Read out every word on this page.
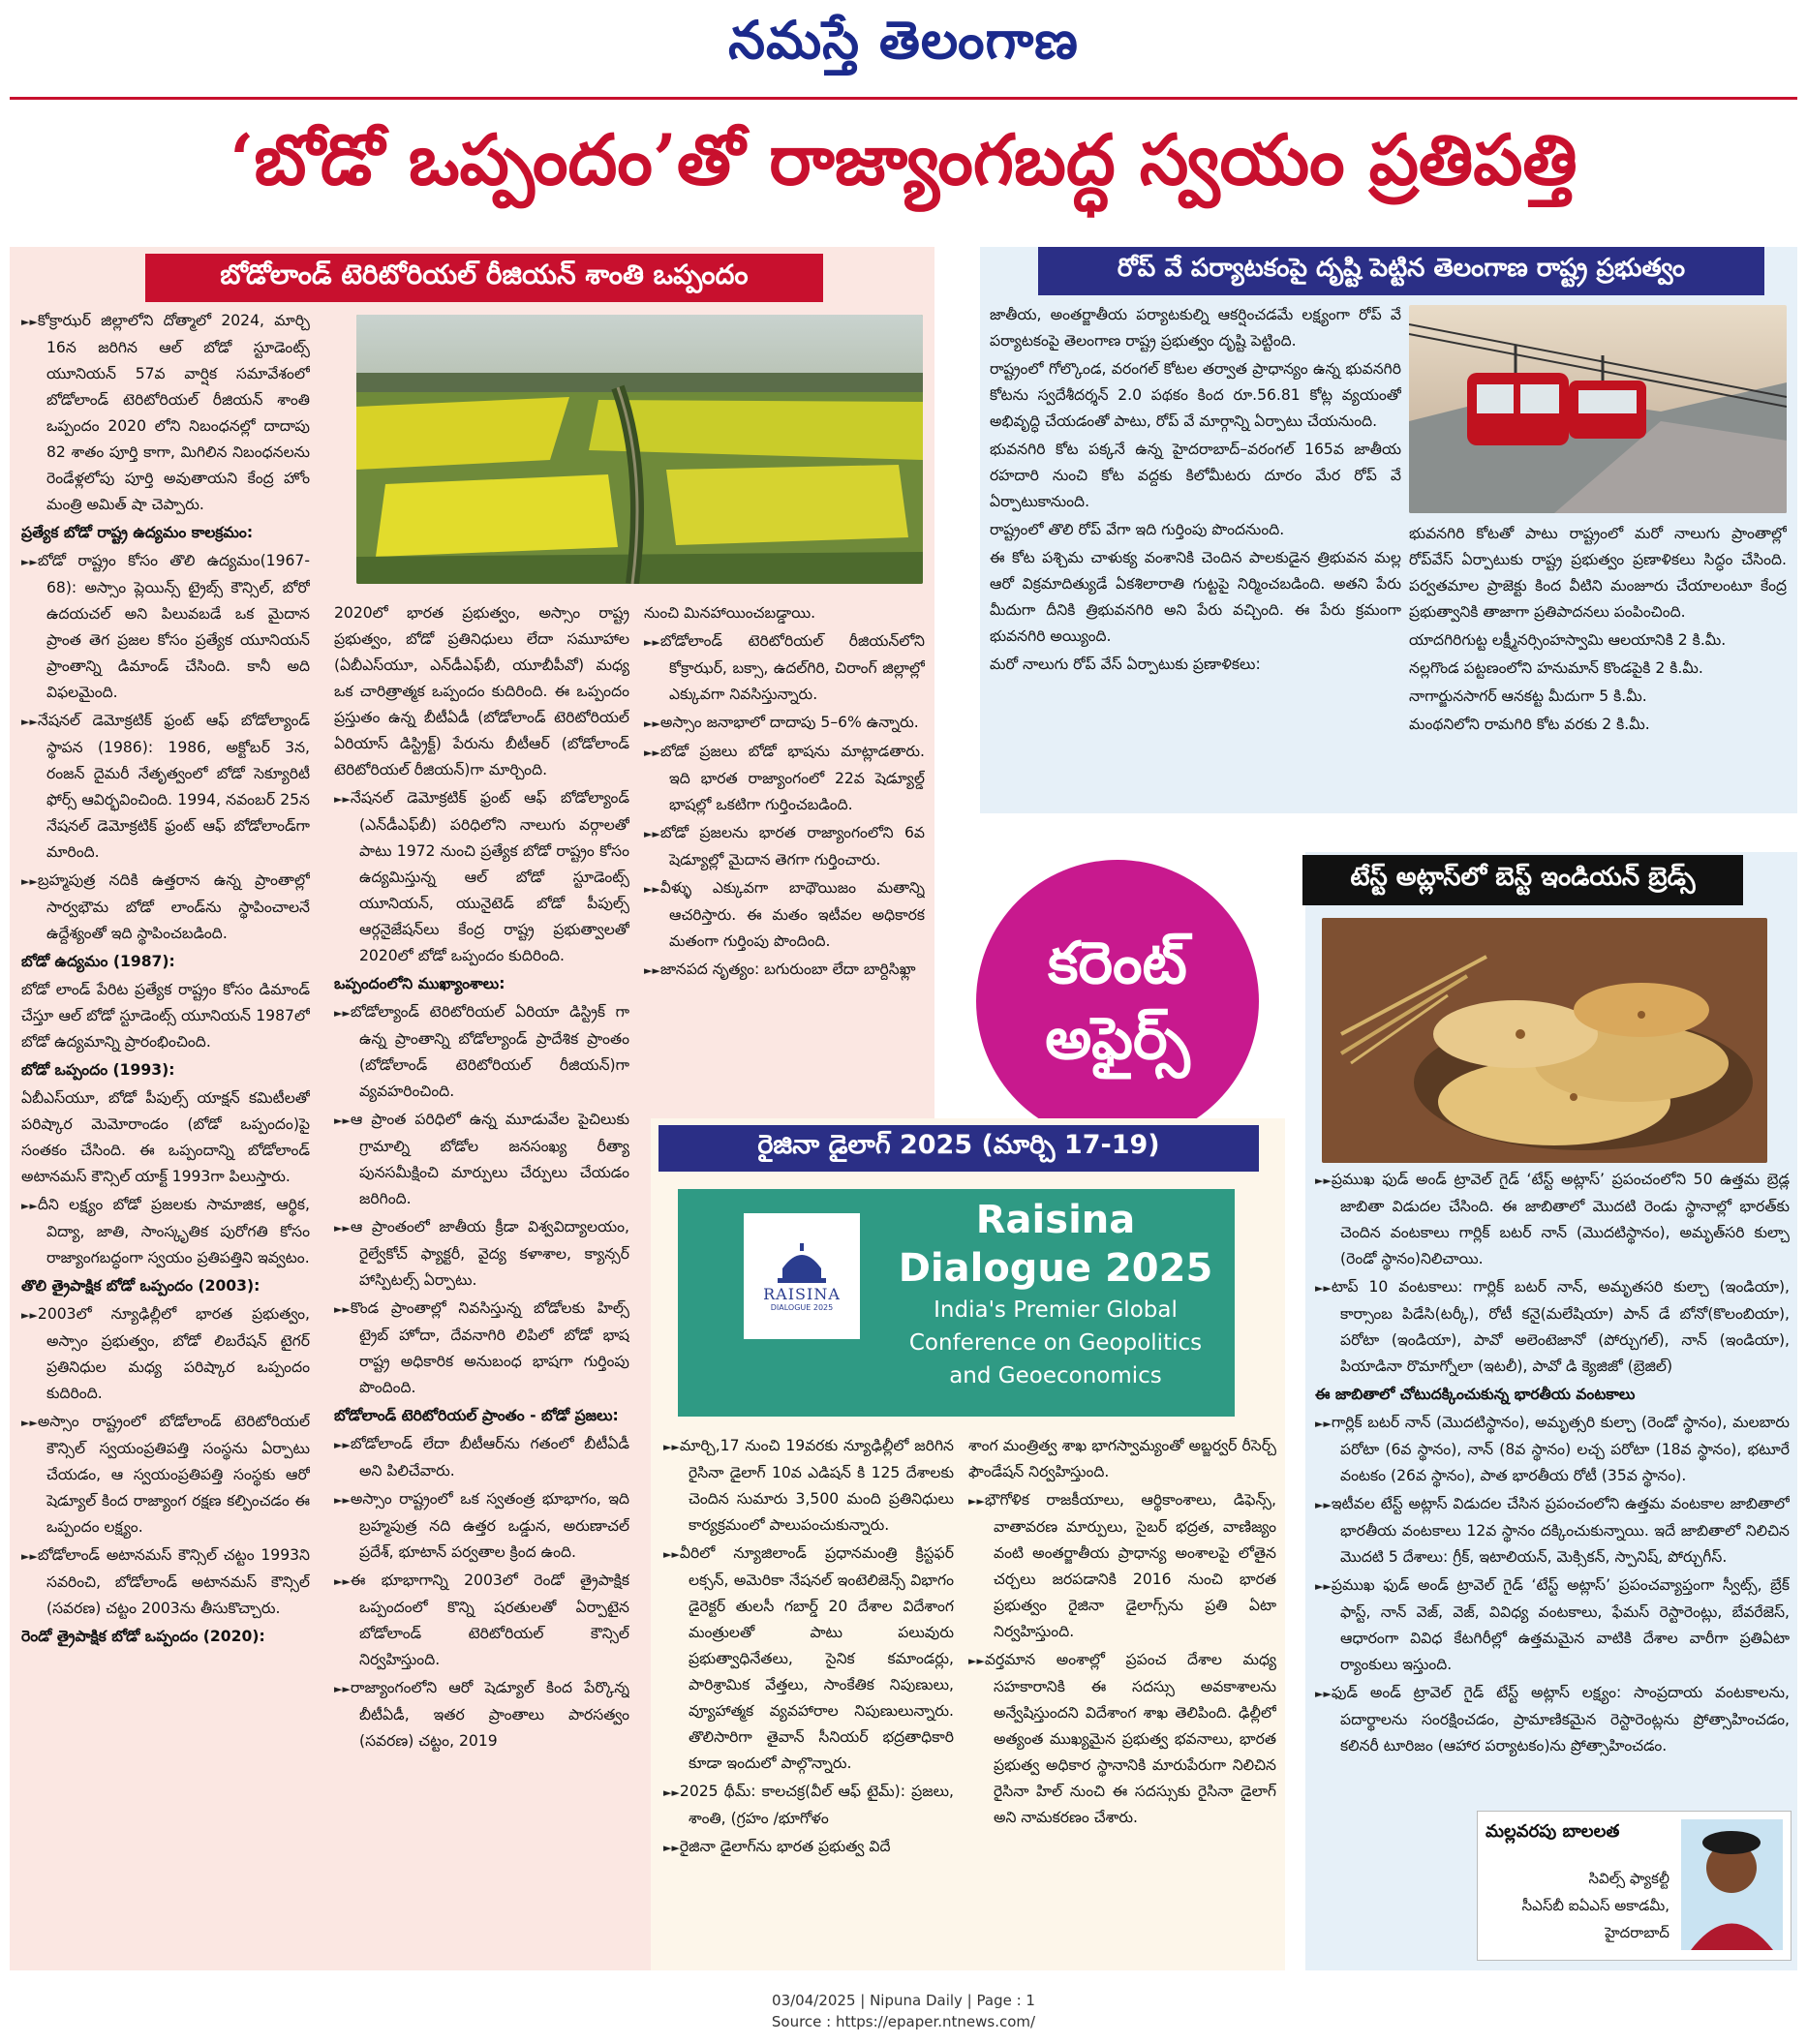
నమస్తే తెలంగాణ
‘బోడో ఒప్పందం’తో రాజ్యాంగబద్ధ స్వయం ప్రతిపత్తి
బోడోలాండ్ టెరిటోరియల్ రీజియన్ శాంతి ఒప్పందం

►► కోక్రాఝర్ జిల్లాలోని దోత్మాలో 2024, మార్చి 16న జరిగిన ఆల్ బోడో స్టూడెంట్స్ యూనియన్ 57వ వార్షిక సమావేశంలో బోడోలాండ్ టెరిటోరియల్ రీజియన్ శాంతి ఒప్పందం 2020 లోని నిబంధనల్లో దాదాపు 82 శాతం పూర్తి కాగా, మిగిలిన నిబంధనలను రెండేళ్లలోపు పూర్తి అవుతాయని కేంద్ర హోం మంత్రి అమిత్ షా చెప్పారు.

ప్రత్యేక బోడో రాష్ట్ర ఉద్యమం కాలక్రమం:

►► బోడో రాష్ట్రం కోసం తొలి ఉద్యమం(1967-68): అస్సాం ప్లెయిన్స్ ట్రైబ్స్ కౌన్సిల్, బోరో ఉదయచల్ అని పిలువబడే ఒక మైదాన ప్రాంత తెగ ప్రజల కోసం ప్రత్యేక యూనియన్ ప్రాంతాన్ని డిమాండ్ చేసింది. కానీ అది విఫలమైంది.

►► నేషనల్ డెమోక్రటిక్ ఫ్రంట్ ఆఫ్ బోడోల్యాండ్ స్థాపన (1986): 1986, అక్టోబర్ 3న, రంజన్ దైమరీ నేతృత్వంలో బోడో సెక్యూరిటీ ఫోర్స్ ఆవిర్భవించింది. 1994, నవంబర్ 25న నేషనల్ డెమోక్రటిక్ ఫ్రంట్ ఆఫ్ బోడోలాండ్‌గా మారింది.

►► బ్రహ్మపుత్ర నదికి ఉత్తరాన ఉన్న ప్రాంతాల్లో సార్వభౌమ బోడో లాండ్‌ను స్థాపించాలనే ఉద్దేశ్యంతో ఇది స్థాపించబడింది.

బోడో ఉద్యమం (1987):

బోడో లాండ్ పేరిట ప్రత్యేక రాష్ట్రం కోసం డిమాండ్ చేస్తూ ఆల్ బోడో స్టూడెంట్స్ యూనియన్ 1987లో బోడో ఉద్యమాన్ని ప్రారంభించింది.

బోడో ఒప్పందం (1993):

ఏబీఎస్‌యూ, బోడో పీపుల్స్ యాక్షన్ కమిటీలతో పరిష్కార మెమోరాండం (బోడో ఒప్పందం)పై సంతకం చేసింది. ఈ ఒప్పందాన్ని బోడోలాండ్ అటానమస్ కౌన్సిల్ యాక్ట్ 1993గా పిలుస్తారు.

►► దీని లక్ష్యం బోడో ప్రజలకు సామాజిక, ఆర్థిక, విద్యా, జాతి, సాంస్కృతిక పురోగతి కోసం రాజ్యాంగబద్ధంగా స్వయం ప్రతిపత్తిని ఇవ్వటం.

తొలి త్రైపాక్షిక బోడో ఒప్పందం (2003):

►► 2003లో న్యూఢిల్లీలో భారత ప్రభుత్వం, అస్సాం ప్రభుత్వం, బోడో లిబరేషన్ టైగర్ ప్రతినిధుల మధ్య పరిష్కార ఒప్పందం కుదిరింది.

►► అస్సాం రాష్ట్రంలో బోడోలాండ్ టెరిటోరియల్ కౌన్సిల్ స్వయంప్రతిపత్తి సంస్థను ఏర్పాటు చేయడం, ఆ స్వయంప్రతిపత్తి సంస్థకు ఆరో షెడ్యూల్ కింద రాజ్యాంగ రక్షణ కల్పించడం ఈ ఒప్పందం లక్ష్యం.

►► బోడోలాండ్ అటానమస్ కౌన్సిల్ చట్టం 1993ని సవరించి, బోడోలాండ్ అటానమస్ కౌన్సిల్ (సవరణ) చట్టం 2003ను తీసుకొచ్చారు.

రెండో త్రైపాక్షిక బోడో ఒప్పందం (2020):

2020లో భారత ప్రభుత్వం, అస్సాం రాష్ట్ర ప్రభుత్వం, బోడో ప్రతినిధులు లేదా సమూహాల (ఏబీఎస్‌యూ, ఎన్‌డీఎఫ్‌బీ, యూబీపీవో) మధ్య ఒక చారిత్రాత్మక ఒప్పందం కుదిరింది. ఈ ఒప్పందం ప్రస్తుతం ఉన్న బీటీఏడీ (బోడోలాండ్ టెరిటోరియల్ ఏరియాస్ డిస్ట్రిక్ట్) పేరును బీటీఆర్ (బోడోలాండ్ టెరిటోరియల్ రీజియన్)గా మార్చింది.

►► నేషనల్ డెమోక్రటిక్ ఫ్రంట్ ఆఫ్ బోడోల్యాండ్ (ఎన్‌డీఎఫ్‌బీ) పరిధిలోని నాలుగు వర్గాలతో పాటు 1972 నుంచి ప్రత్యేక బోడో రాష్ట్రం కోసం ఉద్యమిస్తున్న ఆల్ బోడో స్టూడెంట్స్ యూనియన్, యునైటెడ్ బోడో పీపుల్స్ ఆర్గనైజేషన్‌లు కేంద్ర రాష్ట్ర ప్రభుత్వాలతో 2020లో బోడో ఒప్పందం కుదిరింది.

ఒప్పందంలోని ముఖ్యాంశాలు:

►► బోడోల్యాండ్ టెరిటోరియల్ ఏరియా డిస్ట్రిక్ గా ఉన్న ప్రాంతాన్ని బోడోల్యాండ్ ప్రాదేశిక ప్రాంతం (బోడోలాండ్ టెరిటోరియల్ రీజియన్)గా వ్యవహరించింది.

►► ఆ ప్రాంత పరిధిలో ఉన్న మూడువేల పైచిలుకు గ్రామాల్ని బోడోల జనసంఖ్య రీత్యా పునసమీక్షించి మార్పులు చేర్పులు చేయడం జరిగింది.

►► ఆ ప్రాంతంలో జాతీయ క్రీడా విశ్వవిద్యాలయం, రైల్వేకోచ్ ఫ్యాక్టరీ, వైద్య కళాశాల, క్యాన్సర్ హాస్పిటల్స్ ఏర్పాటు.

►► కొండ ప్రాంతాల్లో నివసిస్తున్న బోడోలకు హిల్స్ ట్రైబ్ హోదా, దేవనాగిరి లిపిలో బోడో భాష రాష్ట్ర అధికారిక అనుబంధ భాషగా గుర్తింపు పొందింది.

బోడోలాండ్ టెరిటోరియల్ ప్రాంతం - బోడో ప్రజలు:

►► బోడోలాండ్ లేదా బీటీఆర్‌ను గతంలో బీటీఏడీ అని పిలిచేవారు.

►► అస్సాం రాష్ట్రంలో ఒక స్వతంత్ర భూభాగం, ఇది బ్రహ్మపుత్ర నది ఉత్తర ఒడ్డున, అరుణాచల్ ప్రదేశ్, భూటాన్ పర్వతాల క్రింద ఉంది.

►► ఈ భూభాగాన్ని 2003లో రెండో త్రైపాక్షిక ఒప్పందంలో కొన్ని షరతులతో ఏర్పాటైన బోడోలాండ్ టెరిటోరియల్ కౌన్సిల్ నిర్వహిస్తుంది.

►► రాజ్యాంగంలోని ఆరో షెడ్యూల్ కింద పేర్కొన్న బీటీఏడీ, ఇతర ప్రాంతాలు పారసత్వం (సవరణ) చట్టం, 2019

నుంచి మినహాయించబడ్డాయి.

►► బోడోలాండ్ టెరిటోరియల్ రీజియన్‌లోని కోక్రాఝర్, బక్సా, ఉదల్‌గిరి, చిరాంగ్ జిల్లాల్లో ఎక్కువగా నివసిస్తున్నారు.

►► అస్సాం జనాభాలో దాదాపు 5–6% ఉన్నారు.

►► బోడో ప్రజలు బోడో భాషను మాట్లాడతారు. ఇది భారత రాజ్యాంగంలో 22వ షెడ్యూల్డ్ భాషల్లో ఒకటిగా గుర్తించబడింది.

►► బోడో ప్రజలను భారత రాజ్యాంగంలోని 6వ షెడ్యూల్లో మైదాన తెగగా గుర్తించారు.

►► వీళ్ళు ఎక్కువగా బాథౌయిజం మతాన్ని ఆచరిస్తారు. ఈ మతం ఇటీవల అధికారక మతంగా గుర్తింపు పొందింది.

►► జానపద నృత్యం: బగురుంబా లేదా బార్దిసిఖ్లా

రోప్ వే పర్యాటకంపై దృష్టి పెట్టిన తెలంగాణ రాష్ట్ర ప్రభుత్వం

జాతీయ, అంతర్జాతీయ పర్యాటకుల్ని ఆకర్షించడమే లక్ష్యంగా రోప్ వే పర్యాటకంపై తెలంగాణ రాష్ట్ర ప్రభుత్వం దృష్టి పెట్టింది.

రాష్ట్రంలో గోల్కొండ, వరంగల్ కోటల తర్వాత ప్రాధాన్యం ఉన్న భువనగిరి కోటను స్వదేశీదర్శన్ 2.0 పథకం కింద రూ.56.81 కోట్ల వ్యయంతో అభివృద్ధి చేయడంతో పాటు, రోప్ వే మార్గాన్ని ఏర్పాటు చేయనుంది.

భువనగిరి కోట పక్కనే ఉన్న హైదరాబాద్–వరంగల్ 165వ జాతీయ రహదారి నుంచి కోట వద్దకు కిలోమీటరు దూరం మేర రోప్ వే ఏర్పాటుకానుంది.

రాష్ట్రంలో తొలి రోప్ వేగా ఇది గుర్తింపు పొందనుంది.

ఈ కోట పశ్చిమ చాళుక్య వంశానికి చెందిన పాలకుడైన త్రిభువన మల్ల ఆరో విక్రమాదిత్యుడే ఏకశిలారాతి గుట్టపై నిర్మించబడింది. అతని పేరు మీదుగా దీనికి త్రిభువనగిరి అని పేరు వచ్చింది. ఈ పేరు క్రమంగా భువనగిరి అయ్యింది.

మరో నాలుగు రోప్ వేస్ ఏర్పాటుకు ప్రణాళికలు:

భువనగిరి కోటతో పాటు రాష్ట్రంలో మరో నాలుగు ప్రాంతాల్లో రోప్‌వేస్ ఏర్పాటుకు రాష్ట్ర ప్రభుత్వం ప్రణాళికలు సిద్ధం చేసింది. పర్వతమాల ప్రాజెక్టు కింద వీటిని మంజూరు చేయాలంటూ కేంద్ర ప్రభుత్వానికి తాజాగా ప్రతిపాదనలు పంపించింది.

యాదగిరిగుట్ట లక్ష్మీనర్సింహస్వామి ఆలయానికి 2 కి.మీ.

నల్లగొండ పట్టణంలోని హనుమాన్ కొండపైకి 2 కి.మీ.

నాగార్జునసాగర్ ఆనకట్ట మీదుగా 5 కి.మీ.

మంథనిలోని రామగిరి కోట వరకు 2 కి.మీ.

కరెంట్
అఫైర్స్
రైజినా డైలాగ్ 2025 (మార్చి 17-19)
RAISINA
DIALOGUE 2025
Raisina
Dialogue 2025
India's Premier Global
Conference on Geopolitics
and Geoeconomics

►► మార్చి,17 నుంచి 19వరకు న్యూఢిల్లీలో జరిగిన రైసినా డైలాగ్ 10వ ఎడిషన్ కి 125 దేశాలకు చెందిన సుమారు 3,500 మంది ప్రతినిధులు కార్యక్రమంలో పాలుపంచుకున్నారు.

►► వీరిలో న్యూజిలాండ్ ప్రధానమంత్రి క్రిస్టఫర్ లక్సన్, అమెరికా నేషనల్ ఇంటెలిజెన్స్ విభాగం డైరెక్టర్ తులసీ గబార్డ్ 20 దేశాల విదేశాంగ మంత్రులతో పాటు పలువురు ప్రభుత్వాధినేతలు, సైనిక కమాండర్లు, పారిశ్రామిక వేత్తలు, సాంకేతిక నిపుణులు, వ్యూహాత్మక వ్యవహారాల నిపుణులున్నారు. తొలిసారిగా తైవాన్ సీనియర్ భద్రతాధికారి కూడా ఇందులో పాల్గొన్నారు.

►► 2025 థీమ్: కాలచక్ర(వీల్ ఆఫ్ టైమ్): ప్రజలు, శాంతి, (గ్రహం /భూగోళం

►► రైజినా డైలాగ్‌ను భారత ప్రభుత్వ విదే

శాంగ మంత్రిత్వ శాఖ భాగస్వామ్యంతో అబ్జర్వర్ రీసెర్చ్ ఫౌండేషన్ నిర్వహిస్తుంది.

►► భౌగోళిక రాజకీయాలు, ఆర్థికాంశాలు, డిఫెన్స్, వాతావరణ మార్పులు, సైబర్ భద్రత, వాణిజ్యం వంటి అంతర్జాతీయ ప్రాధాన్య అంశాలపై లోతైన చర్చలు జరపడానికి 2016 నుంచి భారత ప్రభుత్వం రైజినా డైలాగ్స్‌ను ప్రతి ఏటా నిర్వహిస్తుంది.

►► వర్తమాన అంశాల్లో ప్రపంచ దేశాల మధ్య సహకారానికి ఈ సదస్సు అవకాశాలను అన్వేషిస్తుందని విదేశాంగ శాఖ తెలిపింది. ఢిల్లీలో అత్యంత ముఖ్యమైన ప్రభుత్వ భవనాలు, భారత ప్రభుత్వ అధికార స్థానానికి మారుపేరుగా నిలిచిన రైసినా హిల్ నుంచి ఈ సదస్సుకు రైసినా డైలాగ్ అని నామకరణం చేశారు.

టేస్ట్ అట్లాస్‌లో బెస్ట్ ఇండియన్ బ్రెడ్స్

►► ప్రముఖ ఫుడ్ అండ్ ట్రావెల్ గైడ్ ‘టేస్ట్ అట్లాస్’ ప్రపంచంలోని 50 ఉత్తమ బ్రెడ్ల జాబితా విడుదల చేసింది. ఈ జాబితాలో మొదటి రెండు స్థానాల్లో భారత్‌కు చెందిన వంటకాలు గార్లిక్ బటర్ నాన్ (మొదటిస్థానం), అమృత్‌సరి కుల్చా (రెండో స్థానం)నిలిచాయి.

►► టాప్ 10 వంటకాలు: గార్లిక్ బటర్ నాన్, అమృతసరి కుల్చా (ఇండియా), కార్సాంబ పిడేసి(టర్కీ), రోటీ కనై(మలేషియా) పాన్ డే బోనో(కొలంబియా), పరోటా (ఇండియా), పావో అలెంటెజానో (పోర్చుగల్), నాన్ (ఇండియా), పియాడినా రొమాగ్నోలా (ఇటలీ), పావో డి క్యెజిజో (బ్రెజిల్)

ఈ జాబితాలో చోటుదక్కించుకున్న భారతీయ వంటకాలు

►► గార్లిక్ బటర్ నాన్ (మొదటిస్థానం), అమృత్సరి కుల్చా (రెండో స్థానం), మలబారు పరోటా (6వ స్థానం), నాన్ (8వ స్థానం) లచ్చ పరోటా (18వ స్థానం), భటూరే వంటకం (26వ స్థానం), పాత భారతీయ రోటీ (35వ స్థానం).

►► ఇటీవల టేస్ట్ అట్లాస్ విడుదల చేసిన ప్రపంచంలోని ఉత్తమ వంటకాల జాబితాలో భారతీయ వంటకాలు 12వ స్థానం దక్కించుకున్నాయి. ఇదే జాబితాలో నిలిచిన మొదటి 5 దేశాలు: గ్రీక్, ఇటాలియన్, మెక్సికన్, స్పానిష్, పోర్చుగీస్.

►► ప్రముఖ ఫుడ్ అండ్ ట్రావెల్ గైడ్ ‘టేస్ట్ అట్లాస్’ ప్రపంచవ్యాప్తంగా స్వీట్స్, బ్రేక్ ఫాస్ట్, నాన్ వెజ్, వెజ్, వివిధ్య వంటకాలు, ఫేమస్ రెస్టారెంట్లు, బేవరేజెస్, ఆధారంగా వివిధ కేటగిరీల్లో ఉత్తమమైన వాటికి దేశాల వారీగా ప్రతిఏటా ర్యాంకులు ఇస్తుంది.

►► ఫుడ్ అండ్ ట్రావెల్ గైడ్ టేస్ట్ అట్లాస్ లక్ష్యం: సాంప్రదాయ వంటకాలను, పదార్థాలను సంరక్షించడం, ప్రామాణికమైన రెస్టారెంట్లను ప్రోత్సాహించడం, కలినరీ టూరిజం (ఆహార పర్యాటకం)ను ప్రోత్సాహించడం.

మల్లవరపు బాలలత
సివిల్స్ ఫ్యాకల్టీ
సీఎస్‌బీ ఐఏఎస్ అకాడమీ,
హైదరాబాద్
03/04/2025 | Nipuna Daily | Page : 1
Source : https://epaper.ntnews.com/
